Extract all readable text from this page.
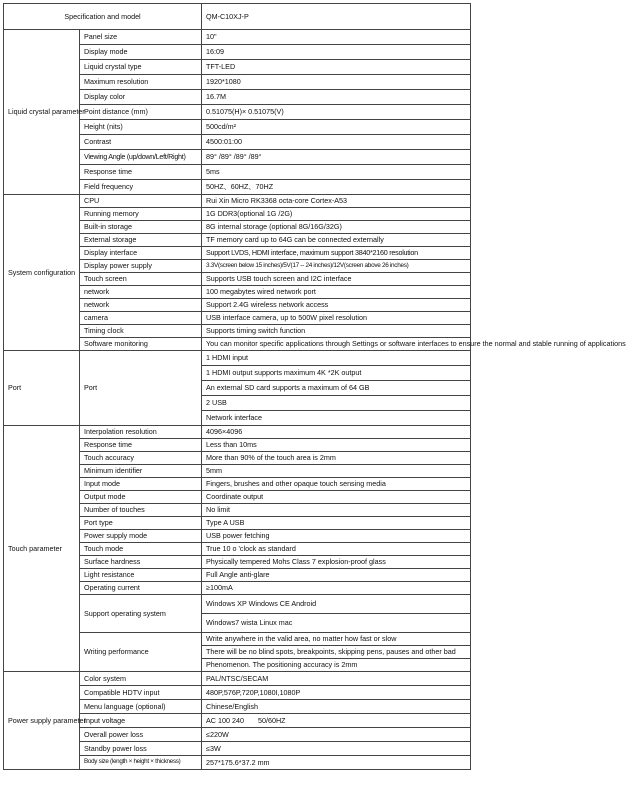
Specification and model		QM-C10XJ-P
Liquid crystal parameter	Panel size	10"
	Display mode	16:09
	Liquid crystal type	TFT-LED
	Maximum resolution	1920*1080
	Display color	16.7M
	Point distance (mm)	0.51075(H)× 0.51075(V)
	Height (nits)	500cd/m²
	Contrast	4500:01:00
	Viewing Angle (up/down/Left/Right)	89° /89° /89° /89°
	Response time	5ms
	Field frequency	50HZ、60HZ、70HZ
System configuration	CPU	Rui Xin Micro RK3368 octa-core Cortex-A53
	Running memory	1G DDR3(optional 1G /2G)
	Built-in storage	8G internal storage (optional 8G/16G/32G)
	External storage	TF memory card up to 64G can be connected externally
	Display interface	Support LVDS, HDMI interface, maximum support 3840*2160 resolution
	Display power supply	3.3V(screen below 15 inches)/5V(17 -- 24 inches)/12V(screen above 26 inches)
	Touch screen	Supports USB touch screen and I2C interface
	network	100 megabytes wired network port
	network	Support 2.4G wireless network access
	camera	USB interface camera, up to 500W pixel resolution
	Timing clock	Supports timing switch function
	Software monitoring	You can monitor specific applications through Settings or software interfaces to ensure the normal and stable running of applications
Port	Port	1 HDMI input
		1 HDMI output supports maximum 4K *2K output
		An external SD card supports a maximum of 64 GB
		2 USB
		Network interface
Touch parameter	Interpolation resolution	4096×4096
	Response time	Less than 10ms
	Touch accuracy	More than 90% of the touch area is 2mm
	Minimum identifier	5mm
	Input mode	Fingers, brushes and other opaque touch sensing media
	Output mode	Coordinate output
	Number of touches	No limit
	Port type	Type A USB
	Power supply mode	USB power fetching
	Touch mode	True 10 o 'clock as standard
	Surface hardness	Physically tempered Mohs Class 7 explosion-proof glass
	Light resistance	Full Angle anti-glare
	Operating current	≥100mA
	Support operating system	Windows XP Windows CE Android
		Windows7 wista Linux mac
	Writing performance	Write anywhere in the valid area, no matter how fast or slow
		There will be no blind spots, breakpoints, skipping pens, pauses and other bad
		Phenomenon. The positioning accuracy is 2mm
Power supply parameter	Color system	PAL/NTSC/SECAM
	Compatible HDTV input	480P,576P,720P,1080I,1080P
	Menu language (optional)	Chinese/English
	Input voltage	AC 100 240       50/60HZ
	Overall power loss	≤220W
	Standby power loss	≤3W
	Body size (length × height × thickness)	257*175.6*37.2 mm
